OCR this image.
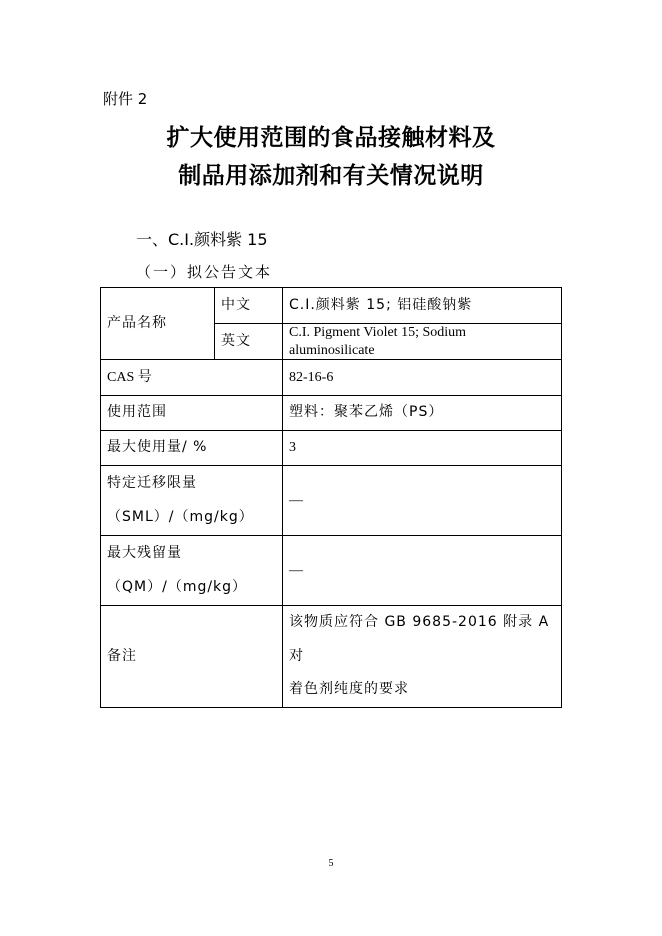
附件 2
扩大使用范围的食品接触材料及
制品用添加剂和有关情况说明
一、C.I.颜料紫 15
（一）拟公告文本
产品名称	中文	C.I.颜料紫 15; 铝硅酸钠紫
	英文	C.I. Pigment Violet 15; Sodium
aluminosilicate

CAS 号		82-16-6
使用范围		塑料：聚苯乙烯（PS）
最大使用量/ %		3

特定迁移限量
（SML）/（mg/kg）		—

最大残留量
（QM）/（mg/kg）		—
备注		该物质应符合 GB 9685-2016 附录 A 对
着色剂纯度的要求
5
